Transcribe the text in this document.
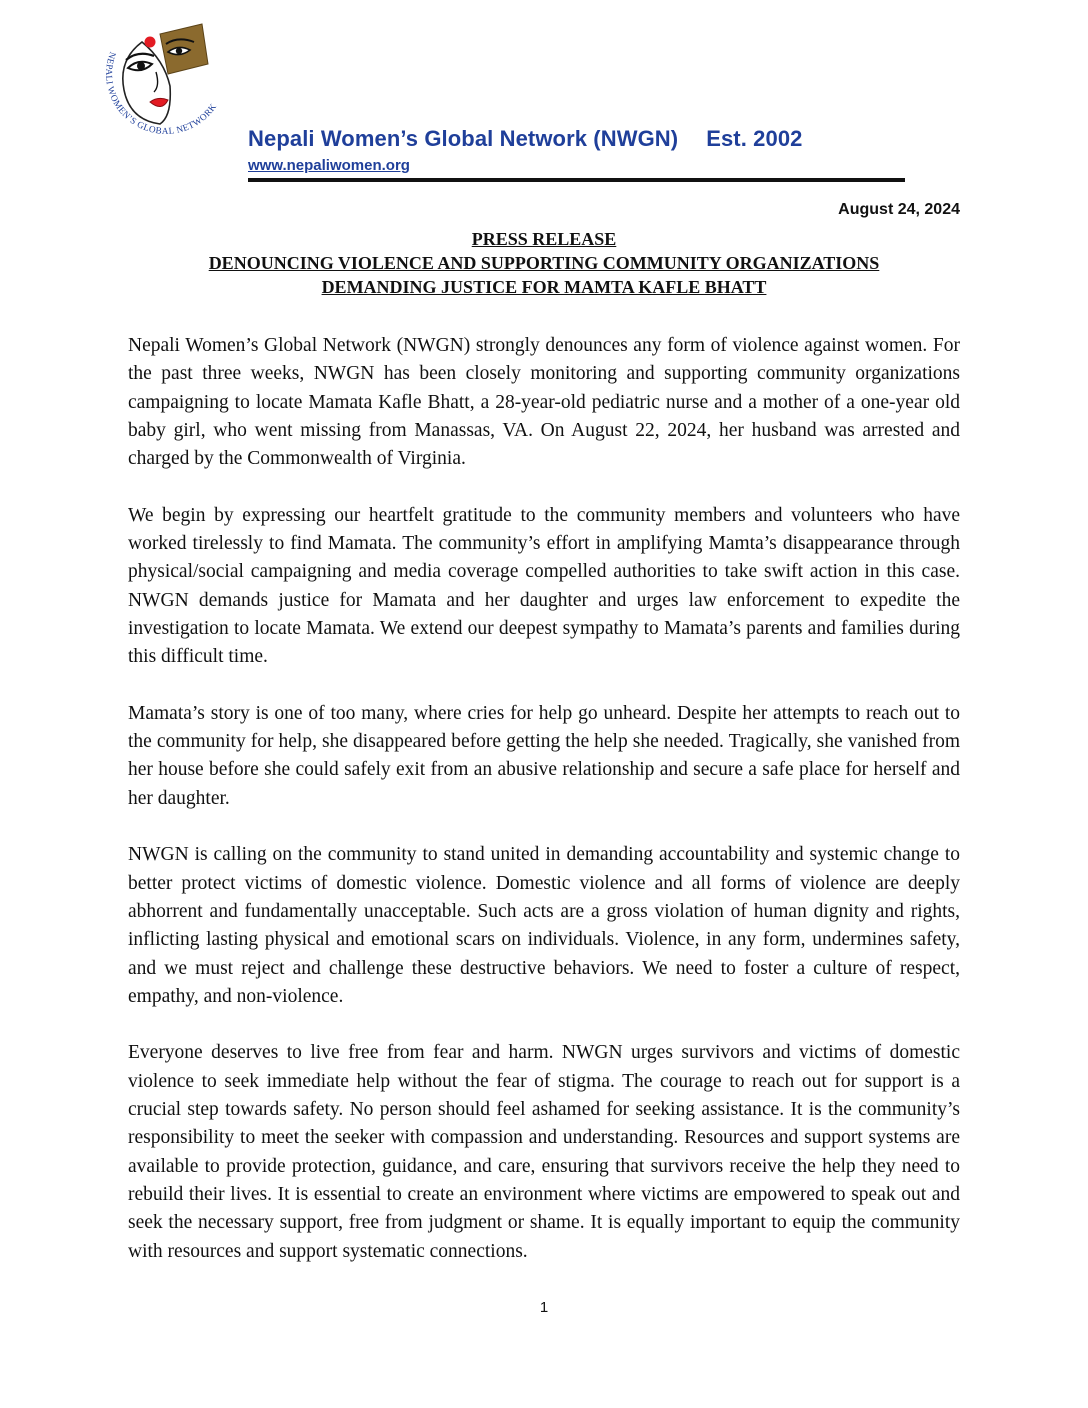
NEPALI WOMEN’S GLOBAL NETWORK
Nepali Women’s Global Network (NWGN) Est. 2002
www.nepaliwomen.org
August 24, 2024
PRESS RELEASE
DENOUNCING VIOLENCE AND SUPPORTING COMMUNITY ORGANIZATIONS
DEMANDING JUSTICE FOR MAMTA KAFLE BHATT

Nepali Women’s Global Network (NWGN) strongly denounces any form of violence against women. For the past three weeks, NWGN has been closely monitoring and supporting community organizations campaigning to locate Mamata Kafle Bhatt, a 28-year-old pediatric nurse and a mother of a one-year old baby girl, who went missing from Manassas, VA. On August 22, 2024, her husband was arrested and charged by the Commonwealth of Virginia.

We begin by expressing our heartfelt gratitude to the community members and volunteers who have worked tirelessly to find Mamata. The community’s effort in amplifying Mamta’s disappearance through physical/social campaigning and media coverage compelled authorities to take swift action in this case. NWGN demands justice for Mamata and her daughter and urges law enforcement to expedite the investigation to locate Mamata. We extend our deepest sympathy to Mamata’s parents and families during this difficult time.

Mamata’s story is one of too many, where cries for help go unheard. Despite her attempts to reach out to the community for help, she disappeared before getting the help she needed. Tragically, she vanished from her house before she could safely exit from an abusive relationship and secure a safe place for herself and her daughter.

NWGN is calling on the community to stand united in demanding accountability and systemic change to better protect victims of domestic violence. Domestic violence and all forms of violence are deeply abhorrent and fundamentally unacceptable. Such acts are a gross violation of human dignity and rights, inflicting lasting physical and emotional scars on individuals. Violence, in any form, undermines safety, and we must reject and challenge these destructive behaviors. We need to foster a culture of respect, empathy, and non-violence.

Everyone deserves to live free from fear and harm. NWGN urges survivors and victims of domestic violence to seek immediate help without the fear of stigma. The courage to reach out for support is a crucial step towards safety. No person should feel ashamed for seeking assistance. It is the community’s responsibility to meet the seeker with compassion and understanding. Resources and support systems are available to provide protection, guidance, and care, ensuring that survivors receive the help they need to rebuild their lives. It is essential to create an environment where victims are empowered to speak out and seek the necessary support, free from judgment or shame. It is equally important to equip the community with resources and support systematic connections.

1
